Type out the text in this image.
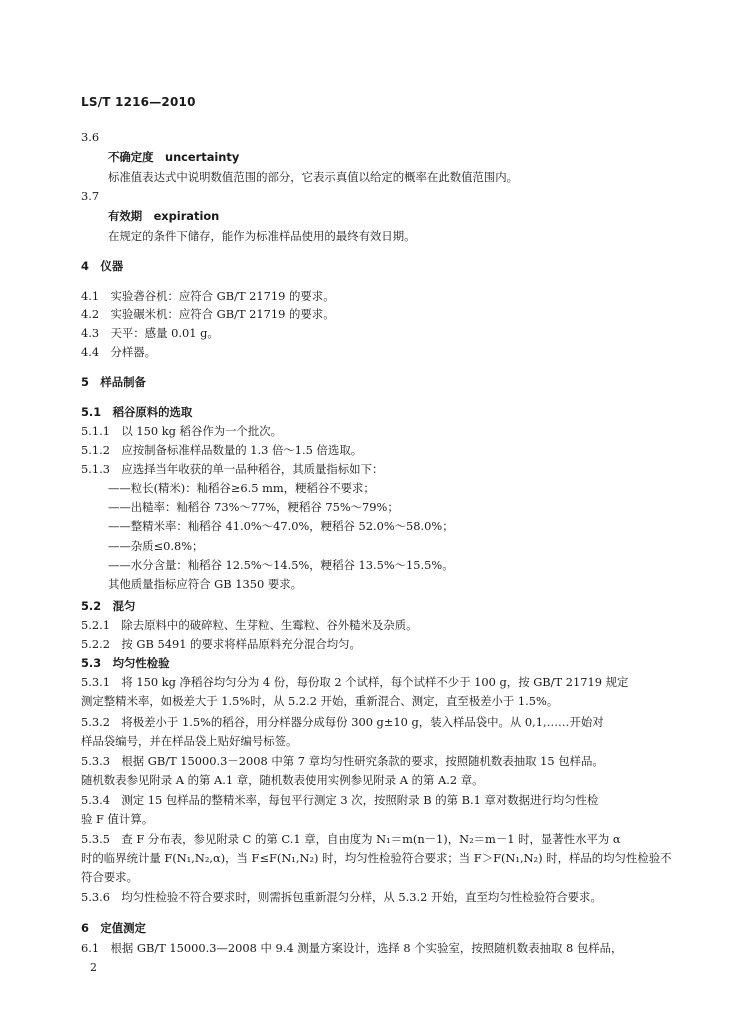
LS/T 1216—2010
3.6
不确定度　uncertainty
标准值表达式中说明数值范围的部分，它表示真值以给定的概率在此数值范围内。
3.7
有效期　expiration
在规定的条件下储存，能作为标准样品使用的最终有效日期。
4　仪器
4.1　实验砻谷机：应符合 GB/T 21719 的要求。
4.2　实验碾米机：应符合 GB/T 21719 的要求。
4.3　天平：感量 0.01 g。
4.4　分样器。
5　样品制备
5.1　稻谷原料的选取
5.1.1　以 150 kg 稻谷作为一个批次。
5.1.2　应按制备标准样品数量的 1.3 倍～1.5 倍选取。
5.1.3　应选择当年收获的单一品种稻谷，其质量指标如下：
——粒长(精米)：籼稻谷≥6.5 mm，粳稻谷不要求；
——出糙率：籼稻谷 73%～77%，粳稻谷 75%～79%；
——整精米率：籼稻谷 41.0%～47.0%，粳稻谷 52.0%～58.0%；
——杂质≤0.8%；
——水分含量：籼稻谷 12.5%～14.5%，粳稻谷 13.5%～15.5%。
其他质量指标应符合 GB 1350 要求。
5.2　混匀
5.2.1　除去原料中的破碎粒、生芽粒、生霉粒、谷外糙米及杂质。
5.2.2　按 GB 5491 的要求将样品原料充分混合均匀。
5.3　均匀性检验
5.3.1　将 150 kg 净稻谷均匀分为 4 份，每份取 2 个试样，每个试样不少于 100 g，按 GB/T 21719 规定
测定整精米率，如极差大于 1.5%时，从 5.2.2 开始，重新混合、测定，直至极差小于 1.5%。
5.3.2　将极差小于 1.5%的稻谷，用分样器分成每份 300 g±10 g，装入样品袋中。从 0,1,……开始对
样品袋编号，并在样品袋上贴好编号标签。
5.3.3　根据 GB/T 15000.3－2008 中第 7 章均匀性研究条款的要求，按照随机数表抽取 15 包样品。
随机数表参见附录 A 的第 A.1 章，随机数表使用实例参见附录 A 的第 A.2 章。
5.3.4　测定 15 包样品的整精米率，每包平行测定 3 次，按照附录 B 的第 B.1 章对数据进行均匀性检
验 F 值计算。
5.3.5　查 F 分布表，参见附录 C 的第 C.1 章，自由度为 N₁＝m(n－1)，N₂＝m－1 时，显著性水平为 α
时的临界统计量 F(N₁,N₂,α)，当 F≤F(N₁,N₂) 时，均匀性检验符合要求；当 F＞F(N₁,N₂) 时，样品的均匀性检验不
符合要求。
5.3.6　均匀性检验不符合要求时，则需拆包重新混匀分样，从 5.3.2 开始，直至均匀性检验符合要求。
6　定值测定
6.1　根据 GB/T 15000.3—2008 中 9.4 测量方案设计，选择 8 个实验室，按照随机数表抽取 8 包样品，
2
